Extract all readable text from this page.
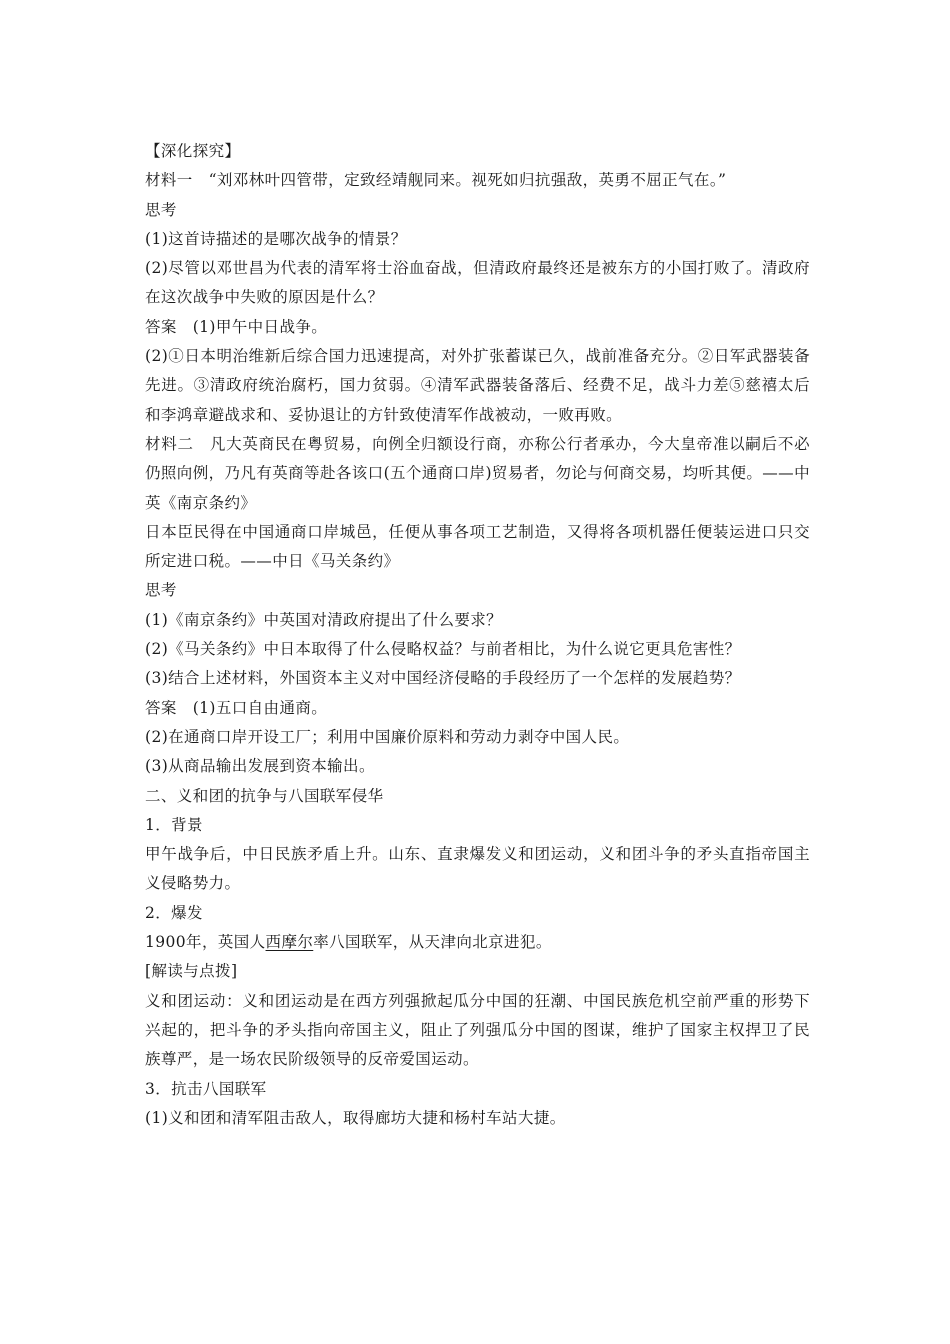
【深化探究】
材料一　“刘邓林叶四管带，定致经靖舰同来。视死如归抗强敌，英勇不屈正气在。”
思考
(1)这首诗描述的是哪次战争的情景？
(2)尽管以邓世昌为代表的清军将士浴血奋战，但清政府最终还是被东方的小国打败了。清政府在这次战争中失败的原因是什么？
答案　(1)甲午中日战争。
(2)①日本明治维新后综合国力迅速提高，对外扩张蓄谋已久，战前准备充分。②日军武器装备先进。③清政府统治腐朽，国力贫弱。④清军武器装备落后、经费不足，战斗力差⑤慈禧太后和李鸿章避战求和、妥协退让的方针致使清军作战被动，一败再败。
材料二　凡大英商民在粤贸易，向例全归额设行商，亦称公行者承办，今大皇帝准以嗣后不必仍照向例，乃凡有英商等赴各该口(五个通商口岸)贸易者，勿论与何商交易，均听其便。——中英《南京条约》
日本臣民得在中国通商口岸城邑，任便从事各项工艺制造，又得将各项机器任便装运进口只交所定进口税。——中日《马关条约》
思考
(1)《南京条约》中英国对清政府提出了什么要求？
(2)《马关条约》中日本取得了什么侵略权益？与前者相比，为什么说它更具危害性？
(3)结合上述材料，外国资本主义对中国经济侵略的手段经历了一个怎样的发展趋势？
答案　(1)五口自由通商。
(2)在通商口岸开设工厂；利用中国廉价原料和劳动力剥夺中国人民。
(3)从商品输出发展到资本输出。
二、义和团的抗争与八国联军侵华
1．背景
甲午战争后，中日民族矛盾上升。山东、直隶爆发义和团运动，义和团斗争的矛头直指帝国主义侵略势力。
2．爆发
1900年，英国人西摩尔率八国联军，从天津向北京进犯。
[解读与点拨]
义和团运动：义和团运动是在西方列强掀起瓜分中国的狂潮、中国民族危机空前严重的形势下兴起的，把斗争的矛头指向帝国主义，阻止了列强瓜分中国的图谋，维护了国家主权捍卫了民族尊严，是一场农民阶级领导的反帝爱国运动。
3．抗击八国联军
(1)义和团和清军阻击敌人，取得廊坊大捷和杨村车站大捷。
